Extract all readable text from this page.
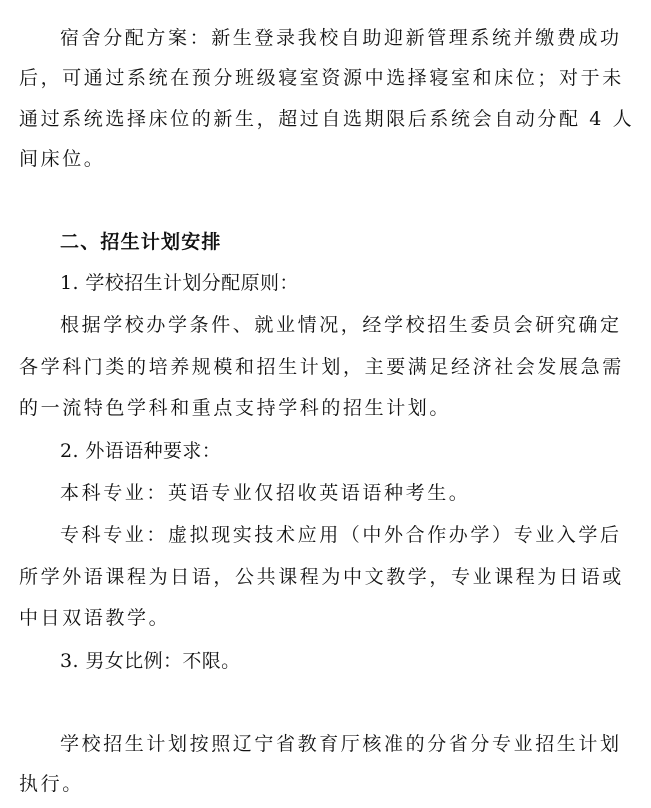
宿舍分配方案：新生登录我校自助迎新管理系统并缴费成功
后，可通过系统在预分班级寝室资源中选择寝室和床位；对于未
通过系统选择床位的新生，超过自选期限后系统会自动分配 4 人
间床位。
二、招生计划安排
1. 学校招生计划分配原则：
根据学校办学条件、就业情况，经学校招生委员会研究确定
各学科门类的培养规模和招生计划，主要满足经济社会发展急需
的一流特色学科和重点支持学科的招生计划。
2. 外语语种要求：
本科专业：英语专业仅招收英语语种考生。
专科专业：虚拟现实技术应用（中外合作办学）专业入学后
所学外语课程为日语，公共课程为中文教学，专业课程为日语或
中日双语教学。
3. 男女比例：不限。
学校招生计划按照辽宁省教育厅核准的分省分专业招生计划
执行。
